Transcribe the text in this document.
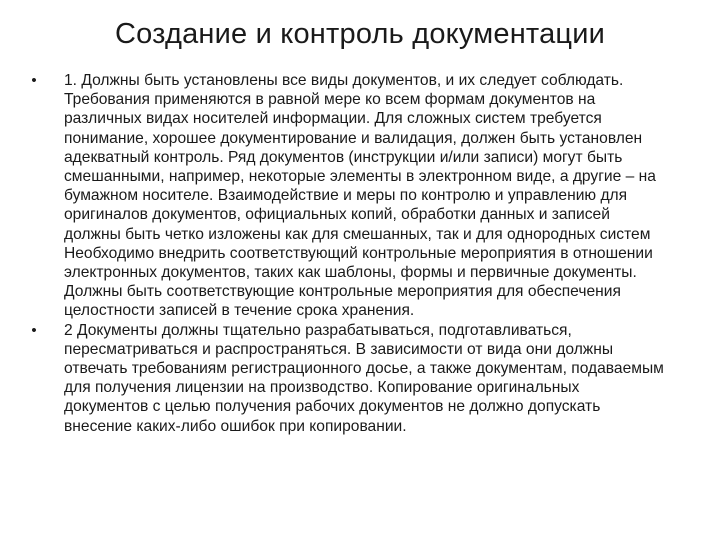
Создание и контроль документации
• 1. Должны быть установлены все виды документов, и их следует соблюдать. Требования применяются в равной мере ко всем формам документов на различных видах носителей информации. Для сложных систем требуется понимание, хорошее документирование и валидация, должен быть установлен адекватный контроль. Ряд документов (инструкции и/или записи) могут быть смешанными, например, некоторые элементы в электронном виде, а другие – на бумажном носителе. Взаимодействие и меры по контролю и управлению для оригиналов документов, официальных копий, обработки данных и записей должны быть четко изложены как для смешанных, так и для однородных систем Необходимо внедрить соответствующий контрольные мероприятия в отношении электронных документов, таких как шаблоны, формы и первичные документы. Должны быть соответствующие контрольные мероприятия для обеспечения целостности записей в течение срока хранения.
• 2 Документы должны тщательно разрабатываться, подготавливаться, пересматриваться и распространяться. В зависимости от вида они должны отвечать требованиям регистрационного досье, а также документам, подаваемым для получения лицензии на производство. Копирование оригинальных документов с целью получения рабочих документов не должно допускать внесение каких-либо ошибок при копировании.
